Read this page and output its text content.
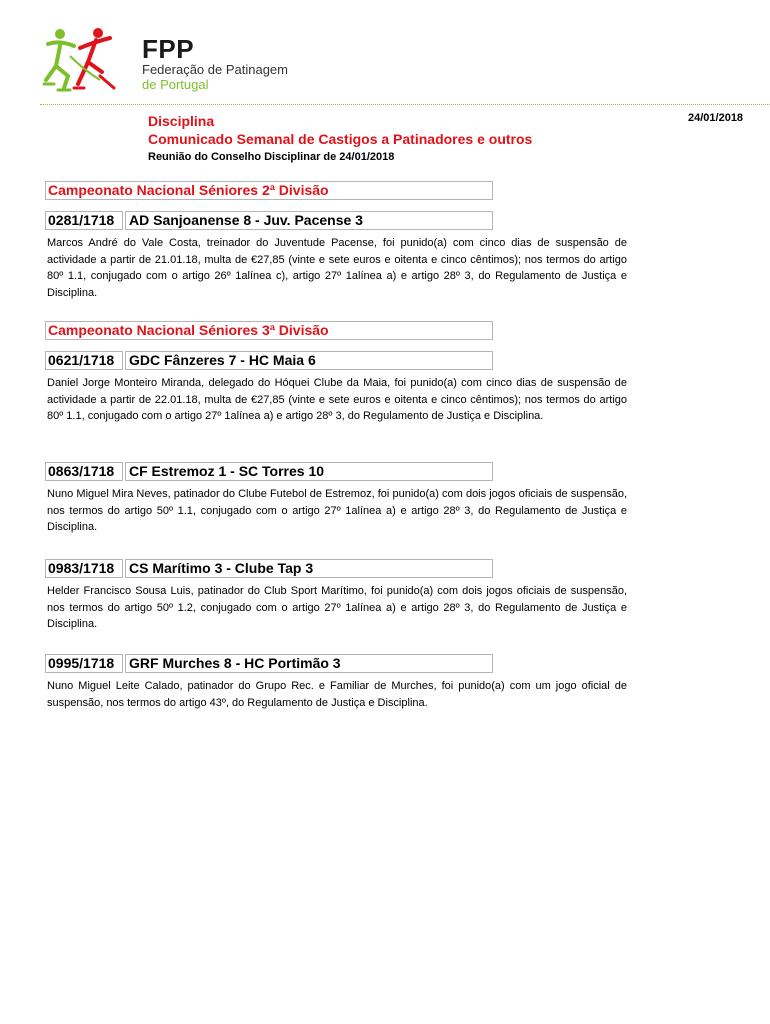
FPP
Federação de Patinagem
de Portugal
24/01/2018
Disciplina
Comunicado Semanal de Castigos a Patinadores e outros
Reunião do Conselho Disciplinar de 24/01/2018
Campeonato Nacional Séniores 2ª Divisão
0281/1718	AD Sanjoanense 8 - Juv. Pacense 3
Marcos André do Vale Costa, treinador do Juventude Pacense, foi punido(a) com cinco dias de suspensão de actividade a partir de 21.01.18, multa de €27,85 (vinte e sete euros e oitenta e cinco cêntimos); nos termos do artigo 80º 1.1, conjugado com o artigo 26º 1alínea c), artigo 27º 1alínea a) e artigo 28º 3, do Regulamento de Justiça e Disciplina.
Campeonato Nacional Séniores 3ª Divisão
0621/1718	GDC Fânzeres 7 - HC Maia 6
Daniel Jorge Monteiro Miranda, delegado do Hóquei Clube da Maia, foi punido(a) com cinco dias de suspensão de actividade a partir de 22.01.18, multa de €27,85 (vinte e sete euros e oitenta e cinco cêntimos); nos termos do artigo 80º 1.1, conjugado com o artigo 27º 1alínea a) e artigo 28º 3, do Regulamento de Justiça e Disciplina.
0863/1718	CF Estremoz 1 - SC Torres 10
Nuno Miguel Mira Neves, patinador do Clube Futebol de Estremoz, foi punido(a) com dois jogos oficiais de suspensão, nos termos do artigo 50º 1.1, conjugado com o artigo 27º 1alínea a) e artigo 28º 3, do Regulamento de Justiça e Disciplina.
0983/1718	CS Marítimo 3 - Clube Tap 3
Helder Francisco Sousa Luis, patinador do Club Sport Marítimo, foi punido(a) com dois jogos oficiais de suspensão, nos termos do artigo 50º 1.2, conjugado com o artigo 27º 1alínea a) e artigo 28º 3, do Regulamento de Justiça e Disciplina.
0995/1718	GRF Murches 8 - HC Portimão 3
Nuno Miguel Leite Calado, patinador do Grupo Rec. e Familiar de Murches, foi punido(a) com um jogo oficial de suspensão, nos termos do artigo 43º, do Regulamento de Justiça e Disciplina.
